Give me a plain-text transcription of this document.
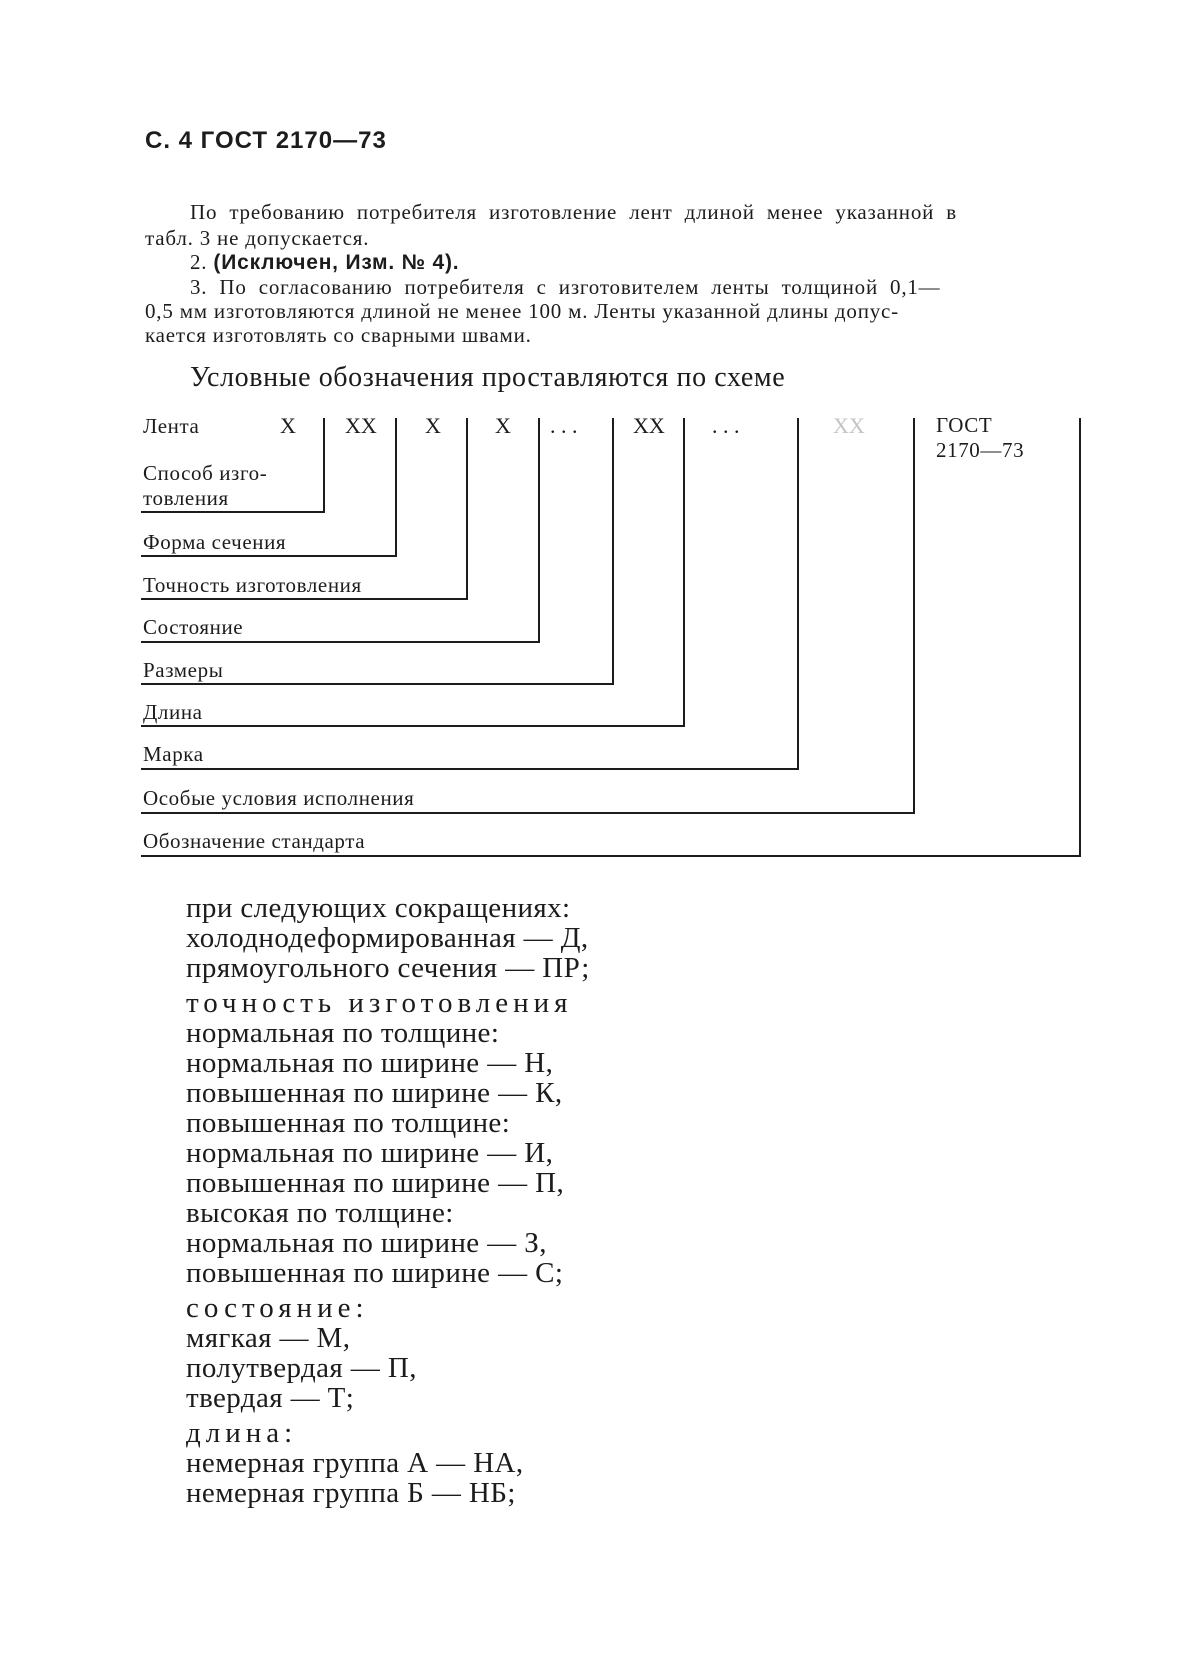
С. 4 ГОСТ 2170—73
По требованию потребителя изготовление лент длиной менее указанной в
табл. 3 не допускается.
2. (Исключен, Изм. № 4).
3. По согласованию потребителя с изготовителем ленты толщиной 0,1—
0,5 мм изготовляются длиной не менее 100 м. Ленты указанной длины допус-
кается изготовлять со сварными швами.
Условные обозначения проставляются по схеме
Лента	X XX X X . . .	XX . . .	XX	ГОСТ
2170—73
Способ изго-
товления
Форма сечения
Точность изготовления
Состояние
Размеры
Длина
Марка
Особые условия исполнения
Обозначение стандарта
при следующих сокращениях:
холоднодеформированная — Д,
прямоугольного сечения — ПР;
точность изготовления
нормальная по толщине:
нормальная по ширине — Н,
повышенная по ширине — К,
повышенная по толщине:
нормальная по ширине — И,
повышенная по ширине — П,
высокая по толщине:
нормальная по ширине — З,
повышенная по ширине — С;
состояние:
мягкая — М,
полутвердая — П,
твердая — Т;
длина:
немерная группа А — НА,
немерная группа Б — НБ;
